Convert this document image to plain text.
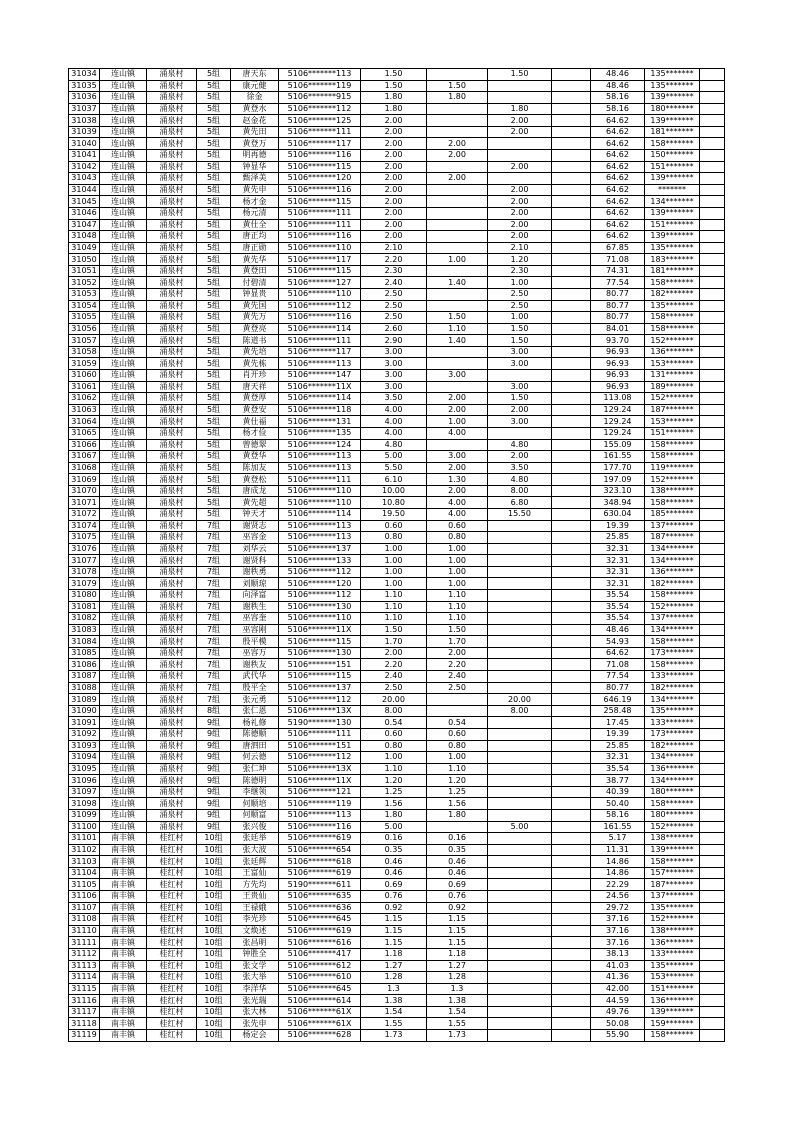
31034	连山镇	涌泉村	5组	唐天东	5106*******113	1.50		1.50		48.46	135*******	
31035	连山镇	涌泉村	5组	康元健	5106*******119	1.50	1.50			48.46	135*******	
31036	连山镇	涌泉村	5组	徐金	5106*******915	1.80	1.80			58.16	139*******	
31037	连山镇	涌泉村	5组	黄登水	5106*******112	1.80		1.80		58.16	180*******	
31038	连山镇	涌泉村	5组	赵金花	5106*******125	2.00		2.00		64.62	139*******	
31039	连山镇	涌泉村	5组	黄先田	5106*******111	2.00		2.00		64.62	181*******	
31040	连山镇	涌泉村	5组	黄登万	5106*******117	2.00	2.00			64.62	158*******	
31041	连山镇	涌泉村	5组	明再德	5106*******116	2.00	2.00			64.62	150*******	
31042	连山镇	涌泉村	5组	钟显华	5106*******115	2.00		2.00		64.62	151*******	
31043	连山镇	涌泉村	5组	甄泽美	5106*******120	2.00	2.00			64.62	139*******	
31044	连山镇	涌泉村	5组	黄先申	5106*******116	2.00		2.00		64.62	*******	
31045	连山镇	涌泉村	5组	杨才金	5106*******115	2.00		2.00		64.62	134*******	
31046	连山镇	涌泉村	5组	杨元清	5106*******111	2.00		2.00		64.62	139*******	
31047	连山镇	涌泉村	5组	黄仕全	5106*******111	2.00		2.00		64.62	151*******	
31048	连山镇	涌泉村	5组	唐正均	5106*******116	2.00		2.00		64.62	139*******	
31049	连山镇	涌泉村	5组	唐正勋	5106*******110	2.10		2.10		67.85	135*******	
31050	连山镇	涌泉村	5组	黄先华	5106*******117	2.20	1.00	1.20		71.08	183*******	
31051	连山镇	涌泉村	5组	黄登田	5106*******115	2.30		2.30		74.31	181*******	
31052	连山镇	涌泉村	5组	付碧清	5106*******127	2.40	1.40	1.00		77.54	158*******	
31053	连山镇	涌泉村	5组	钟显贵	5106*******110	2.50		2.50		80.77	182*******	
31054	连山镇	涌泉村	5组	黄先国	5106*******112	2.50		2.50		80.77	135*******	
31055	连山镇	涌泉村	5组	黄先万	5106*******116	2.50	1.50	1.00		80.77	158*******	
31056	连山镇	涌泉村	5组	黄登亮	5106*******114	2.60	1.10	1.50		84.01	158*******	
31057	连山镇	涌泉村	5组	陈道书	5106*******111	2.90	1.40	1.50		93.70	152*******	
31058	连山镇	涌泉村	5组	黄先培	5106*******117	3.00		3.00		96.93	136*******	
31059	连山镇	涌泉村	5组	黄先栋	5106*******113	3.00		3.00		96.93	153*******	
31060	连山镇	涌泉村	5组	肖开珍	5106*******147	3.00	3.00			96.93	131*******	
31061	连山镇	涌泉村	5组	唐天祥	5106*******11X	3.00		3.00		96.93	189*******	
31062	连山镇	涌泉村	5组	黄登厚	5106*******114	3.50	2.00	1.50		113.08	152*******	
31063	连山镇	涌泉村	5组	黄登安	5106*******118	4.00	2.00	2.00		129.24	187*******	
31064	连山镇	涌泉村	5组	黄仕福	5106*******131	4.00	1.00	3.00		129.24	153*******	
31065	连山镇	涌泉村	5组	杨才俭	5106*******135	4.00	4.00			129.24	151*******	
31066	连山镇	涌泉村	5组	曾德翠	5106*******124	4.80		4.80		155.09	158*******	
31067	连山镇	涌泉村	5组	黄登华	5106*******113	5.00	3.00	2.00		161.55	158*******	
31068	连山镇	涌泉村	5组	陈加友	5106*******113	5.50	2.00	3.50		177.70	119*******	
31069	连山镇	涌泉村	5组	黄登松	5106*******111	6.10	1.30	4.80		197.09	152*******	
31070	连山镇	涌泉村	5组	唐成龙	5106*******110	10.00	2.00	8.00		323.10	138*******	
31071	连山镇	涌泉村	5组	黄先超	5106*******110	10.80	4.00	6.80		348.94	158*******	
31072	连山镇	涌泉村	5组	钟天才	5106*******114	19.50	4.00	15.50		630.04	185*******	
31074	连山镇	涌泉村	7组	谢贤志	5106*******113	0.60	0.60			19.39	137*******	
31075	连山镇	涌泉村	7组	巫容金	5106*******113	0.80	0.80			25.85	187*******	
31076	连山镇	涌泉村	7组	刘华云	5106*******137	1.00	1.00			32.31	134*******	
31077	连山镇	涌泉村	7组	谢贤科	5106*******133	1.00	1.00			32.31	134*******	
31078	连山镇	涌泉村	7组	谢秩勇	5106*******112	1.00	1.00			32.31	136*******	
31079	连山镇	涌泉村	7组	刘顺琼	5106*******120	1.00	1.00			32.31	182*******	
31080	连山镇	涌泉村	7组	向泽富	5106*******112	1.10	1.10			35.54	158*******	
31081	连山镇	涌泉村	7组	谢秩生	5106*******130	1.10	1.10			35.54	152*******	
31082	连山镇	涌泉村	7组	巫容奎	5106*******110	1.10	1.10			35.54	137*******	
31083	连山镇	涌泉村	7组	巫容刚	5106*******11X	1.50	1.50			48.46	134*******	
31084	连山镇	涌泉村	7组	殷平模	5106*******115	1.70	1.70			54.93	158*******	
31085	连山镇	涌泉村	7组	巫容万	5106*******130	2.00	2.00			64.62	173*******	
31086	连山镇	涌泉村	7组	谢秩友	5106*******151	2.20	2.20			71.08	158*******	
31087	连山镇	涌泉村	7组	武代华	5106*******115	2.40	2.40			77.54	133*******	
31088	连山镇	涌泉村	7组	殷平全	5106*******137	2.50	2.50			80.77	182*******	
31089	连山镇	涌泉村	7组	张元勇	5106*******112	20.00		20.00		646.19	134*******	
31090	连山镇	涌泉村	8组	张仁恩	5106*******13X	8.00		8.00		258.48	135*******	
31091	连山镇	涌泉村	9组	杨礼修	5190*******130	0.54	0.54			17.45	133*******	
31092	连山镇	涌泉村	9组	陈德顺	5106*******111	0.60	0.60			19.39	173*******	
31093	连山镇	涌泉村	9组	唐泗田	5106*******151	0.80	0.80			25.85	182*******	
31094	连山镇	涌泉村	9组	何云德	5106*******112	1.00	1.00			32.31	134*******	
31095	连山镇	涌泉村	9组	张仁坤	5106*******13X	1.10	1.10			35.54	136*******	
31096	连山镇	涌泉村	9组	陈德明	5106*******11X	1.20	1.20			38.77	134*******	
31097	连山镇	涌泉村	9组	李继领	5106*******121	1.25	1.25			40.39	180*******	
31098	连山镇	涌泉村	9组	何顺培	5106*******119	1.56	1.56			50.40	158*******	
31099	连山镇	涌泉村	9组	何顺富	5106*******113	1.80	1.80			58.16	180*******	
31100	连山镇	涌泉村	9组	张兴俊	5106*******116	5.00		5.00		161.55	152*******	
31101	南丰镇	桂红村	10组	张廷举	5106*******619	0.16	0.16			5.17	138*******	
31102	南丰镇	桂红村	10组	张大波	5106*******654	0.35	0.35			11.31	139*******	
31103	南丰镇	桂红村	10组	张廷辉	5106*******618	0.46	0.46			14.86	158*******	
31104	南丰镇	桂红村	10组	王富仙	5106*******619	0.46	0.46			14.86	157*******	
31105	南丰镇	桂红村	10组	方先均	5190*******611	0.69	0.69			22.29	187*******	
31106	南丰镇	桂红村	10组	王贵仙	5106*******635	0.76	0.76			24.56	137*******	
31107	南丰镇	桂红村	10组	王禄娥	5106*******636	0.92	0.92			29.72	135*******	
31108	南丰镇	桂红村	10组	李光珍	5106*******645	1.15	1.15			37.16	152*******	
31110	南丰镇	桂红村	10组	文焕述	5106*******619	1.15	1.15			37.16	138*******	
31111	南丰镇	桂红村	10组	张昌明	5106*******616	1.15	1.15			37.16	136*******	
31112	南丰镇	桂红村	10组	钟胜全	5106*******417	1.18	1.18			38.13	133*******	
31113	南丰镇	桂红村	10组	张文学	5106*******612	1.27	1.27			41.03	135*******	
31114	南丰镇	桂红村	10组	张大举	5106*******610	1.28	1.28			41.36	153*******	
31115	南丰镇	桂红村	10组	李洋华	5106*******645	1.3	1.3			42.00	151*******	
31116	南丰镇	桂红村	10组	张光瑞	5106*******614	1.38	1.38			44.59	136*******	
31117	南丰镇	桂红村	10组	张大林	5106*******61X	1.54	1.54			49.76	139*******	
31118	南丰镇	桂红村	10组	张先申	5106*******61X	1.55	1.55			50.08	159*******	
31119	南丰镇	桂红村	10组	杨定会	5106*******628	1.73	1.73			55.90	158*******	
